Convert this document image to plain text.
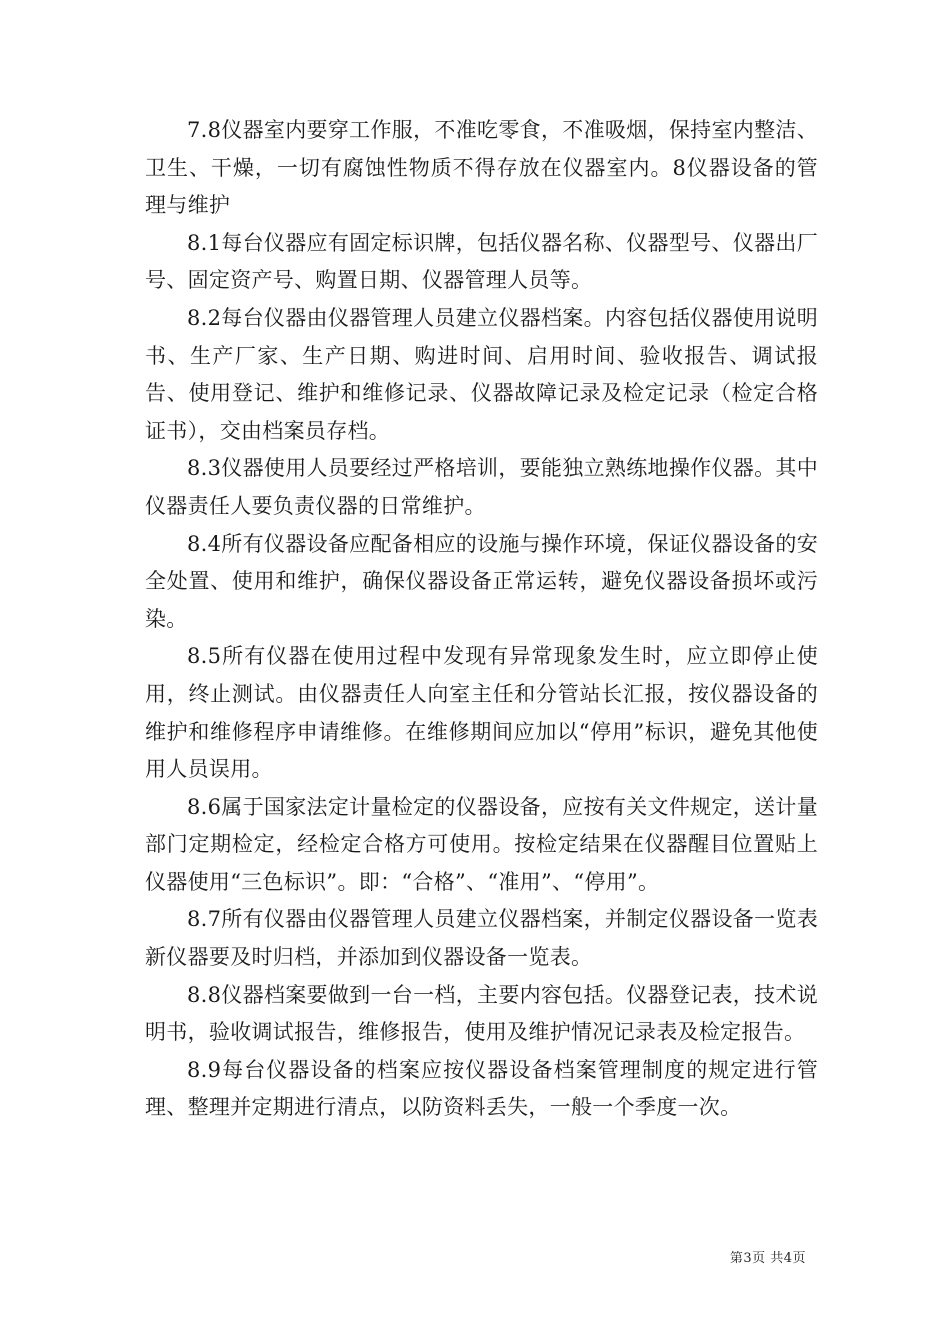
7.8仪器室内要穿工作服，不准吃零食，不准吸烟，保持室内整洁、卫生、干燥，一切有腐蚀性物质不得存放在仪器室内。8仪器设备的管理与维护

8.1每台仪器应有固定标识牌，包括仪器名称、仪器型号、仪器出厂号、固定资产号、购置日期、仪器管理人员等。

8.2每台仪器由仪器管理人员建立仪器档案。内容包括仪器使用说明书、生产厂家、生产日期、购进时间、启用时间、验收报告、调试报告、使用登记、维护和维修记录、仪器故障记录及检定记录（检定合格证书），交由档案员存档。

8.3仪器使用人员要经过严格培训，要能独立熟练地操作仪器。其中仪器责任人要负责仪器的日常维护。

8.4所有仪器设备应配备相应的设施与操作环境，保证仪器设备的安全处置、使用和维护，确保仪器设备正常运转，避免仪器设备损坏或污染。

8.5所有仪器在使用过程中发现有异常现象发生时，应立即停止使用，终止测试。由仪器责任人向室主任和分管站长汇报，按仪器设备的维护和维修程序申请维修。在维修期间应加以“停用”标识，避免其他使用人员误用。

8.6属于国家法定计量检定的仪器设备，应按有关文件规定，送计量部门定期检定，经检定合格方可使用。按检定结果在仪器醒目位置贴上仪器使用“三色标识”。即：“合格”、“准用”、“停用”。

8.7所有仪器由仪器管理人员建立仪器档案，并制定仪器设备一览表新仪器要及时归档，并添加到仪器设备一览表。

8.8仪器档案要做到一台一档，主要内容包括。仪器登记表，技术说明书，验收调试报告，维修报告，使用及维护情况记录表及检定报告。

8.9每台仪器设备的档案应按仪器设备档案管理制度的规定进行管理、整理并定期进行清点，以防资料丢失，一般一个季度一次。

第3页 共4页
